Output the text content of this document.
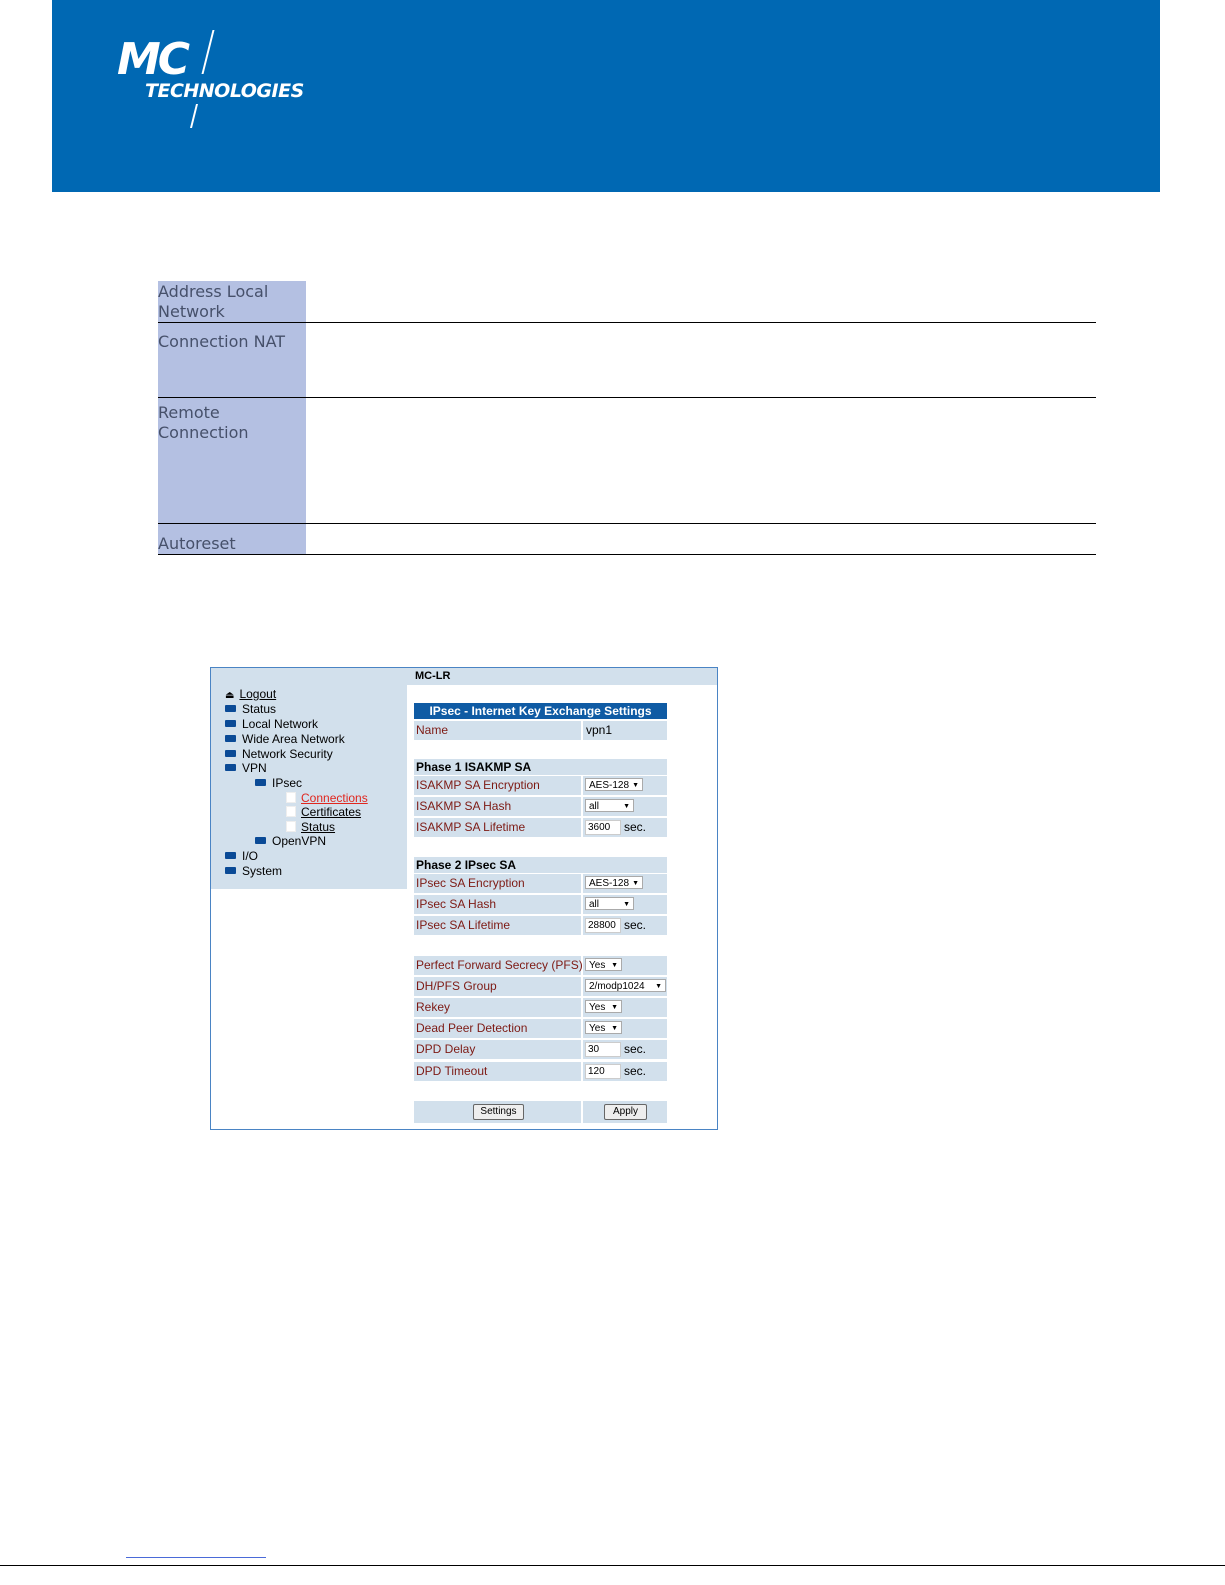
MC
TECHNOLOGIES
Address Local Network
Connection NAT
Remote Connection
Autoreset
MC-LR
⏏ Logout
Status
Local Network
Wide Area Network
Network Security
VPN
IPsec
Connections
Certificates
Status
OpenVPN
I/O
System
IPsec - Internet Key Exchange Settings
Name	vpn1
Phase 1 ISAKMP SA
ISAKMP SA Encryption	AES-128 ▼
ISAKMP SA Hash	all	▼
ISAKMP SA Lifetime	3600	sec.
Phase 2 IPsec SA
IPsec SA Encryption	AES-128 ▼
IPsec SA Hash	all	▼
IPsec SA Lifetime	28800 sec.
Perfect Forward Secrecy (PFS) Yes ▼
DH/PFS Group	2/modp1024 ▼
Rekey	Yes ▼
Dead Peer Detection	Yes ▼
DPD Delay	30	sec.
DPD Timeout	120	sec.
Settings	Apply
